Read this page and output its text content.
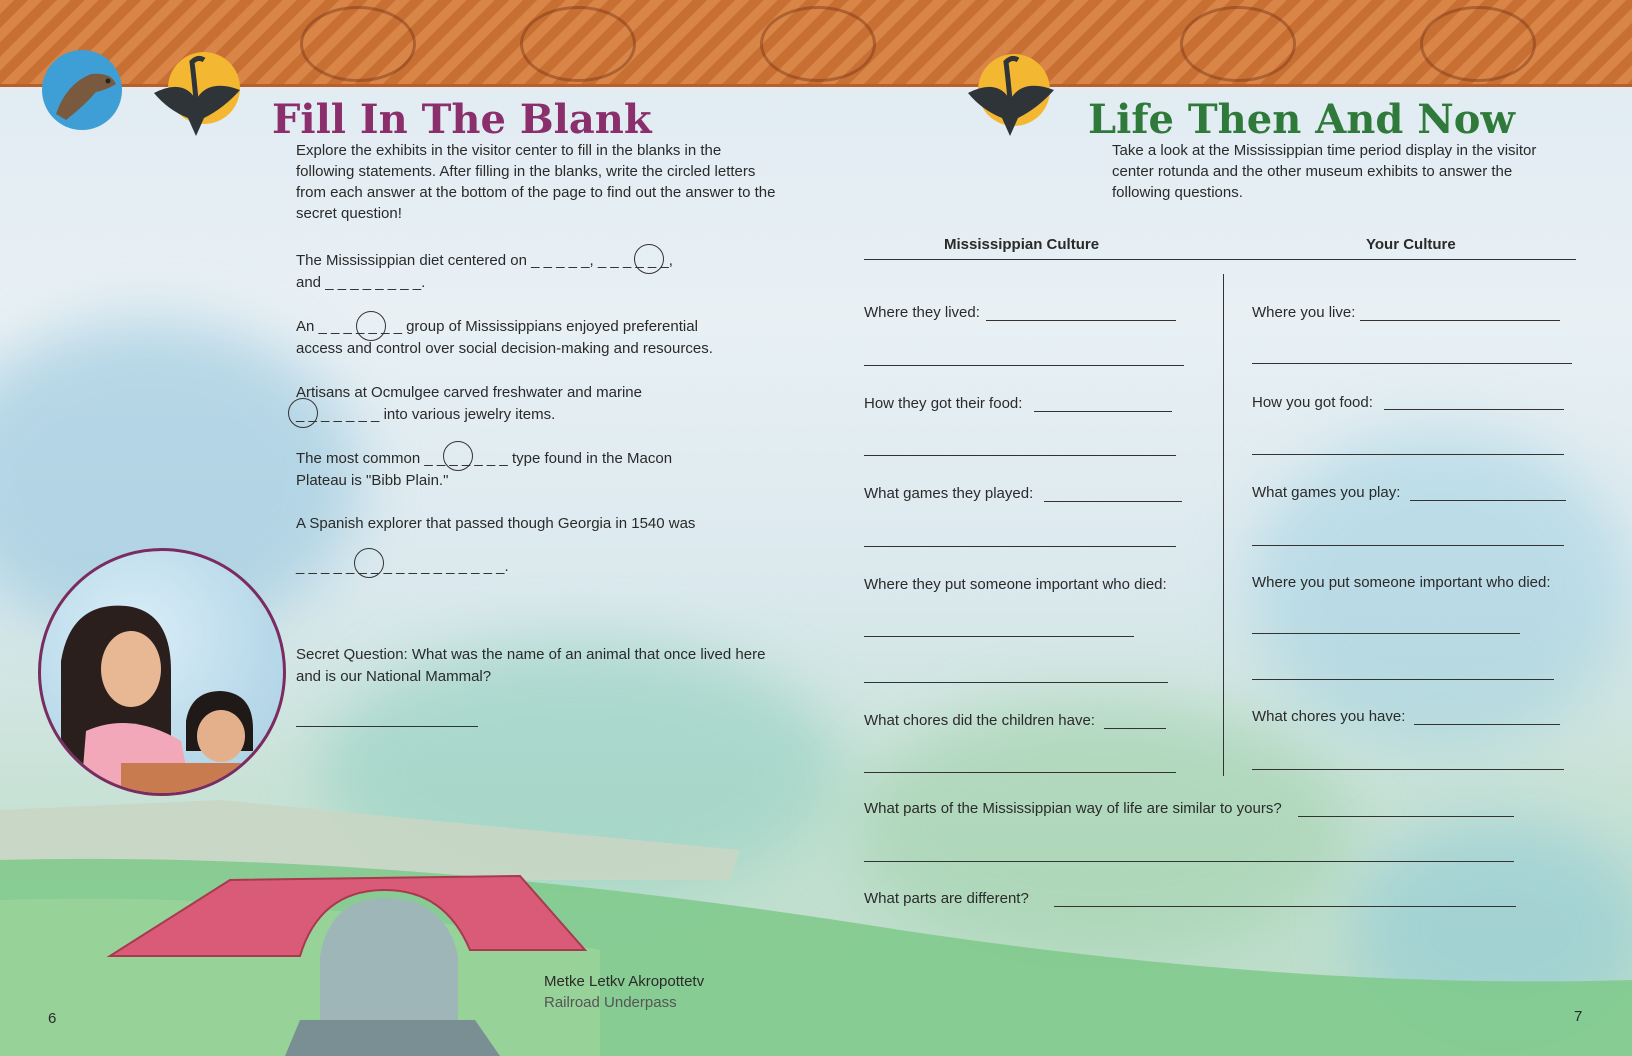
Fill In The Blank

Explore the exhibits in the visitor center to fill in the blanks in the following statements. After filling in the blanks, write the circled letters from each answer at the bottom of the page to find out the answer to the secret question!

The Mississippian diet centered on _ _ _ _ _, _ _ _ _ _ _,

and _ _ _ _ _ _ _ _.

An _ _ _ _ _ _ _ group of Mississippians enjoyed preferential

access and control over social decision-making and resources.

Artisans at Ocmulgee carved freshwater and marine

_ _ _ _ _ _ _ into various jewelry items.

The most common _ _ _ _ _ _ _ type found in the Macon

Plateau is "Bibb Plain."

A Spanish explorer that passed though Georgia in 1540 was

_ _ _ _ _ _ _ _ _ _ _ _ _ _ _ _ _.

Secret Question: What was the name of an animal that once lived here and is our National Mammal?

6
Metke Letkv Akropottetv
Railroad Underpass
Life Then And Now

Take a look at the Mississippian time period display in the visitor center rotunda and the other museum exhibits to answer the following questions.

Mississippian Culture	Your Culture
Where they lived:
How they got their food:
What games they played:
Where they put someone important who died:
What chores did the children have:
Where you live:
How you got food:
What games you play:
Where you put someone important who died:
What chores you have:
What parts of the Mississippian way of life are similar to yours?
What parts are different?
7
